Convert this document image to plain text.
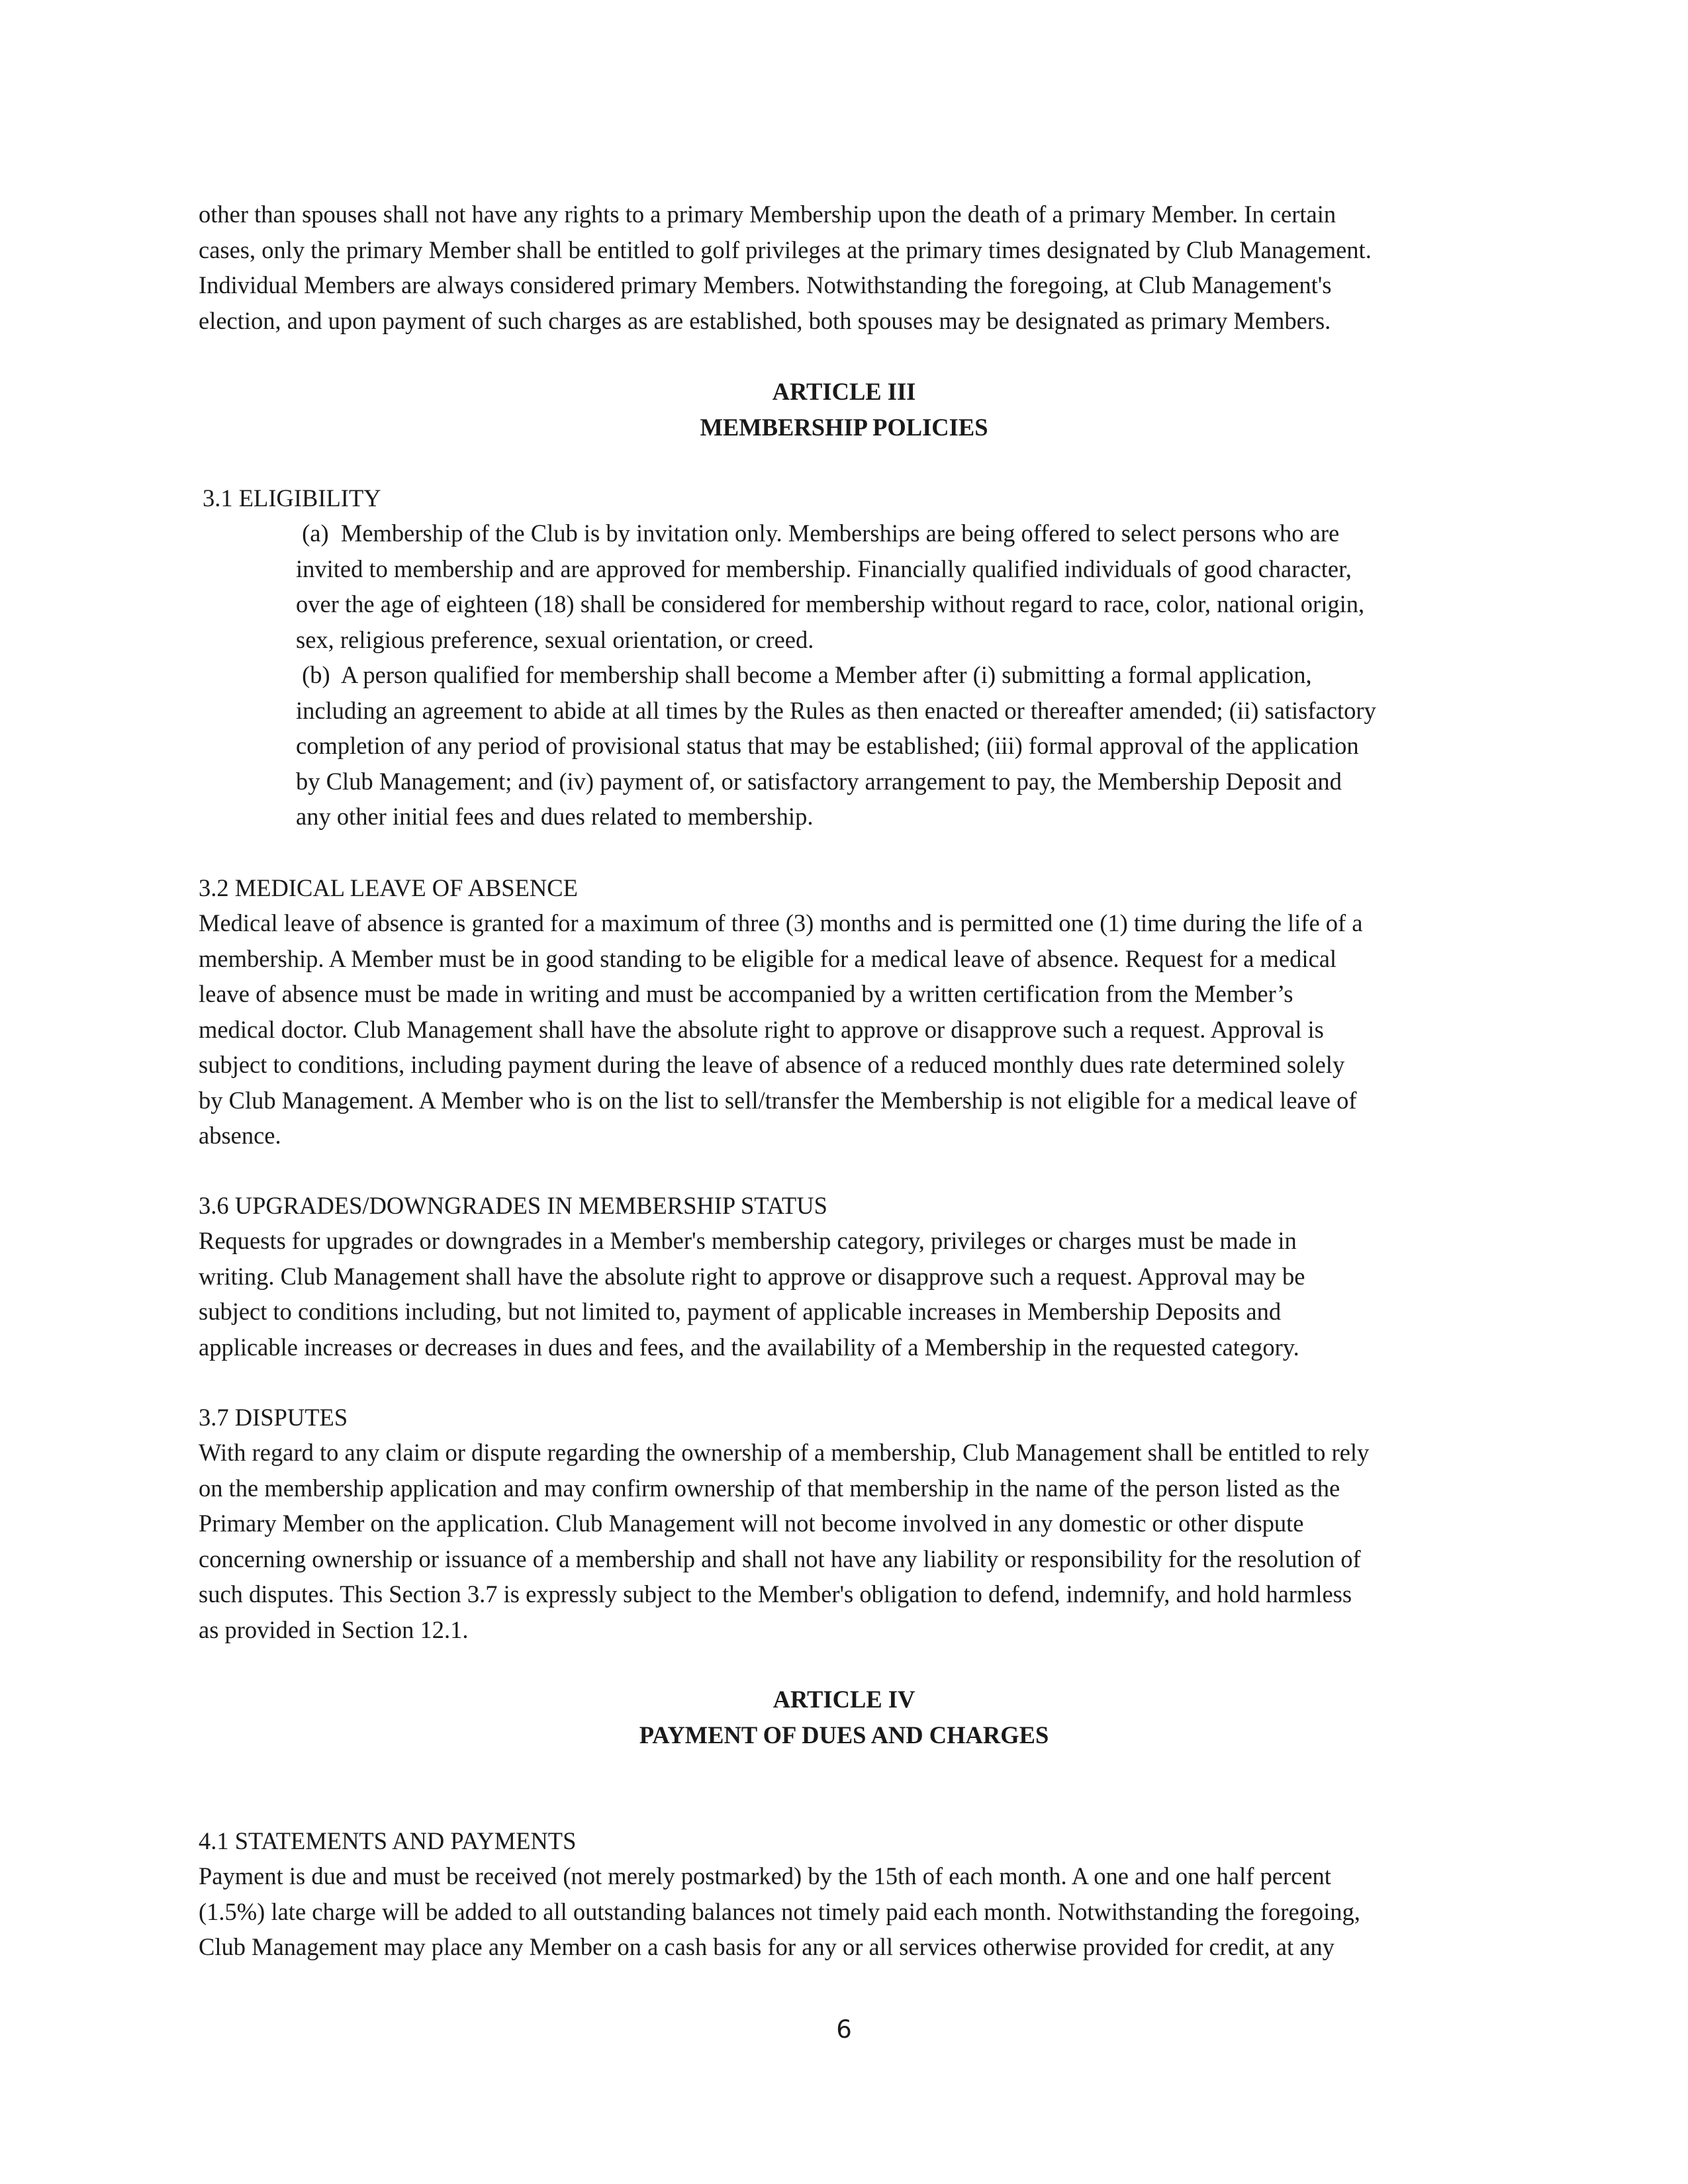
other than spouses shall not have any rights to a primary Membership upon the death of a primary Member. In certain

cases, only the primary Member shall be entitled to golf privileges at the primary times designated by Club Management.

Individual Members are always considered primary Members. Notwithstanding the foregoing, at Club Management's

election, and upon payment of such charges as are established, both spouses may be designated as primary Members.

ARTICLE III

MEMBERSHIP POLICIES

3.1 ELIGIBILITY

(a)  Membership of the Club is by invitation only. Memberships are being offered to select persons who are

invited to membership and are approved for membership. Financially qualified individuals of good character,

over the age of eighteen (18) shall be considered for membership without regard to race, color, national origin,

sex, religious preference, sexual orientation, or creed.

(b)  A person qualified for membership shall become a Member after (i) submitting a formal application,

including an agreement to abide at all times by the Rules as then enacted or thereafter amended; (ii) satisfactory

completion of any period of provisional status that may be established; (iii) formal approval of the application

by Club Management; and (iv) payment of, or satisfactory arrangement to pay, the Membership Deposit and

any other initial fees and dues related to membership.

3.2 MEDICAL LEAVE OF ABSENCE

Medical leave of absence is granted for a maximum of three (3) months and is permitted one (1) time during the life of a

membership. A Member must be in good standing to be eligible for a medical leave of absence. Request for a medical

leave of absence must be made in writing and must be accompanied by a written certification from the Member’s

medical doctor. Club Management shall have the absolute right to approve or disapprove such a request. Approval is

subject to conditions, including payment during the leave of absence of a reduced monthly dues rate determined solely

by Club Management. A Member who is on the list to sell/transfer the Membership is not eligible for a medical leave of

absence.

3.6 UPGRADES/DOWNGRADES IN MEMBERSHIP STATUS

Requests for upgrades or downgrades in a Member's membership category, privileges or charges must be made in

writing. Club Management shall have the absolute right to approve or disapprove such a request. Approval may be

subject to conditions including, but not limited to, payment of applicable increases in Membership Deposits and

applicable increases or decreases in dues and fees, and the availability of a Membership in the requested category.

3.7 DISPUTES

With regard to any claim or dispute regarding the ownership of a membership, Club Management shall be entitled to rely

on the membership application and may confirm ownership of that membership in the name of the person listed as the

Primary Member on the application. Club Management will not become involved in any domestic or other dispute

concerning ownership or issuance of a membership and shall not have any liability or responsibility for the resolution of

such disputes. This Section 3.7 is expressly subject to the Member's obligation to defend, indemnify, and hold harmless

as provided in Section 12.1.

ARTICLE IV

PAYMENT OF DUES AND CHARGES

4.1 STATEMENTS AND PAYMENTS

Payment is due and must be received (not merely postmarked) by the 15th of each month. A one and one half percent

(1.5%) late charge will be added to all outstanding balances not timely paid each month. Notwithstanding the foregoing,

Club Management may place any Member on a cash basis for any or all services otherwise provided for credit, at any

6
